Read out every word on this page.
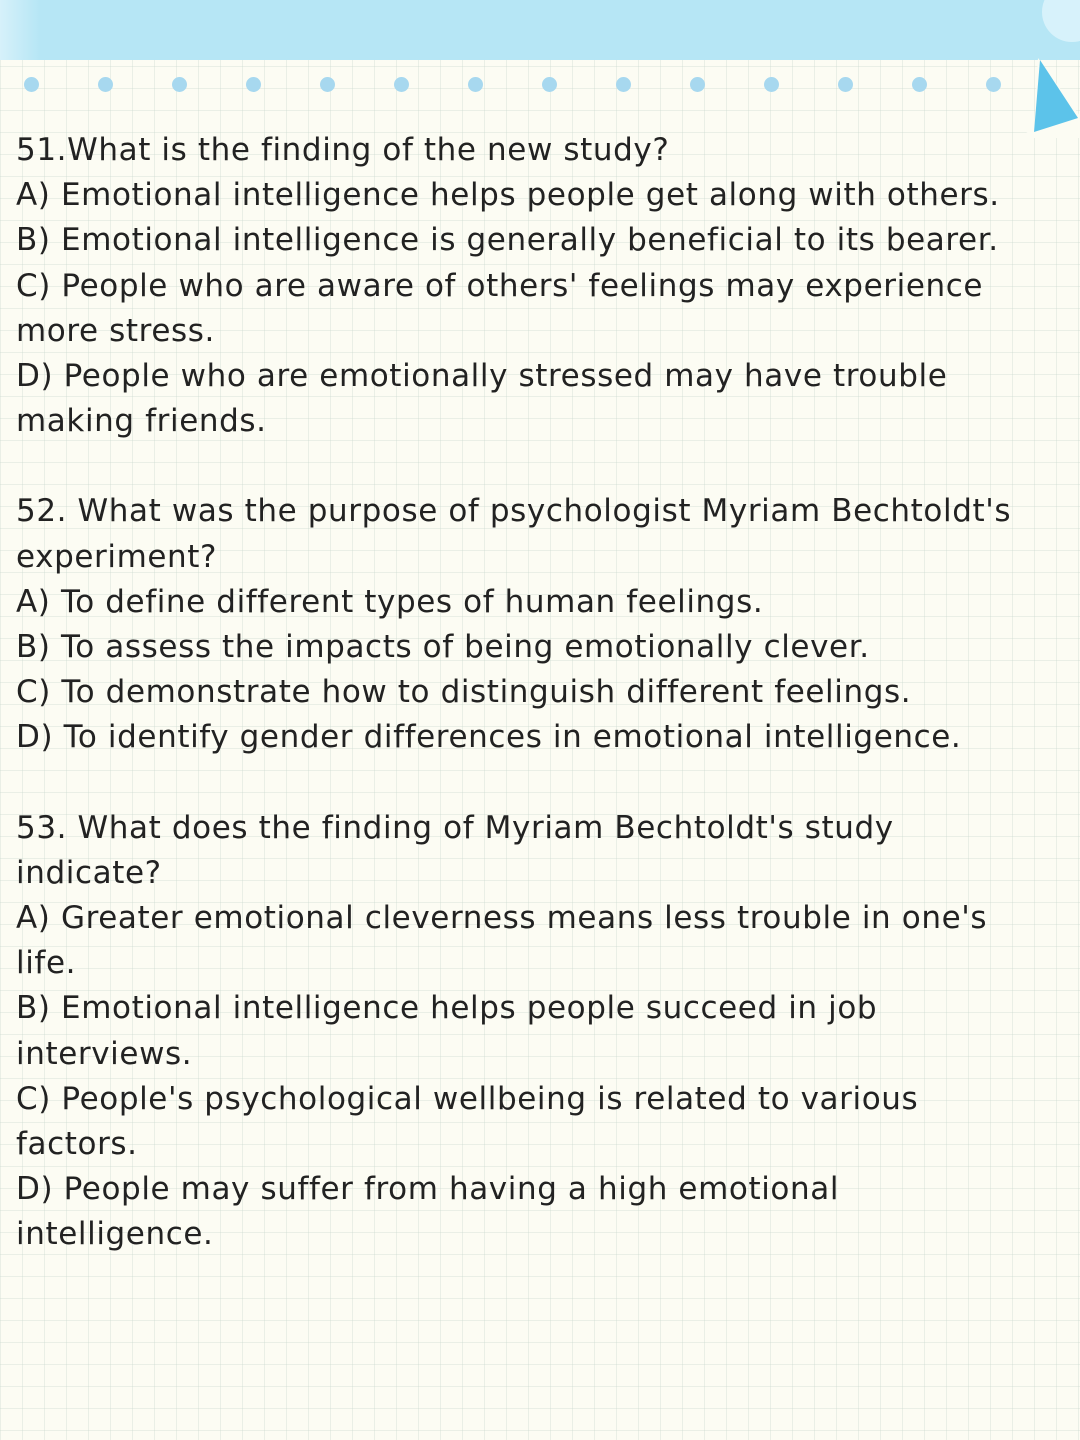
51.What is the finding of the new study?
A) Emotional intelligence helps people get along with others.
B) Emotional intelligence is generally beneficial to its bearer.
C) People who are aware of others' feelings may experience
more stress.
D) People who are emotionally stressed may have trouble
making friends.
52. What was the purpose of psychologist Myriam Bechtoldt's
experiment?
A) To define different types of human feelings.
B) To assess the impacts of being emotionally clever.
C) To demonstrate how to distinguish different feelings.
D) To identify gender differences in emotional intelligence.
53. What does the finding of Myriam Bechtoldt's study
indicate?
A) Greater emotional cleverness means less trouble in one's
life.
B) Emotional intelligence helps people succeed in job
interviews.
C) People's psychological wellbeing is related to various
factors.
D) People may suffer from having a high emotional
intelligence.
